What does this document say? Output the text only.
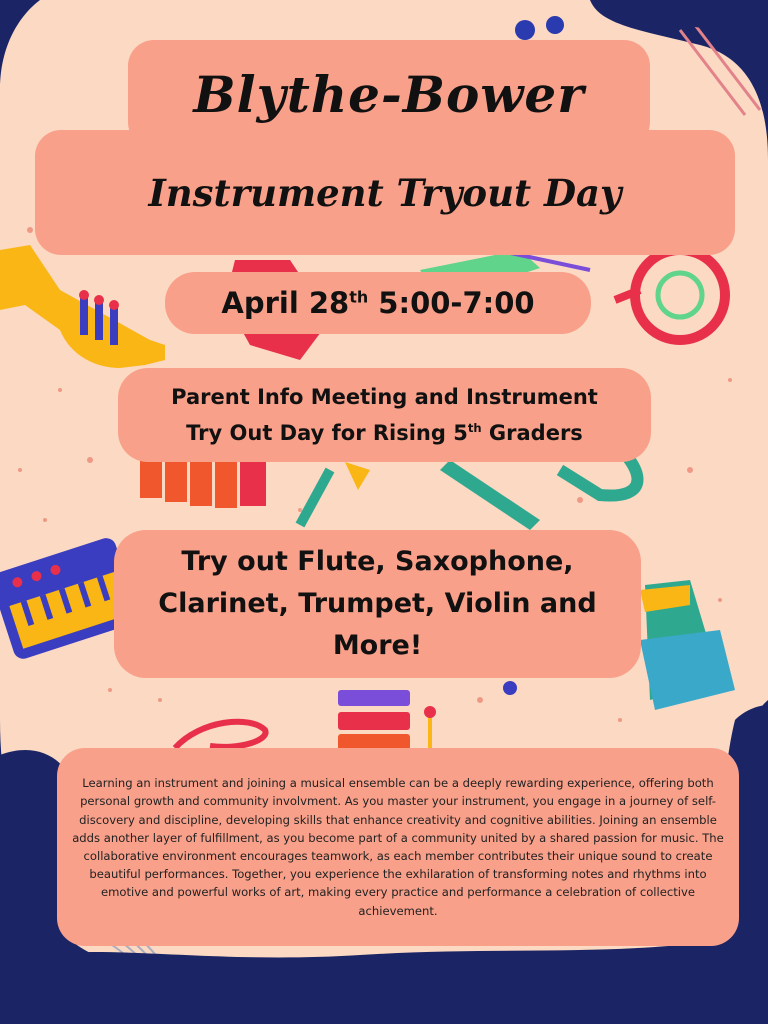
Blythe-Bower
Instrument Tryout Day
April 28th 5:00-7:00
Parent Info Meeting and Instrument
Try Out Day for Rising 5th Graders
Try out Flute, Saxophone,
Clarinet, Trumpet, Violin and
More!

Learning an instrument and joining a musical ensemble can be a deeply rewarding experience, offering both personal growth and community involvment. As you master your instrument, you engage in a journey of self-discovery and discipline, developing skills that enhance creativity and cognitive abilities. Joining an ensemble adds another layer of fulfillment, as you become part of a community united by a shared passion for music. The collaborative environment encourages teamwork, as each member contributes their unique sound to create beautiful performances. Together, you experience the exhilaration of transforming notes and rhythms into emotive and powerful works of art, making every practice and performance a celebration of collective achievement.
